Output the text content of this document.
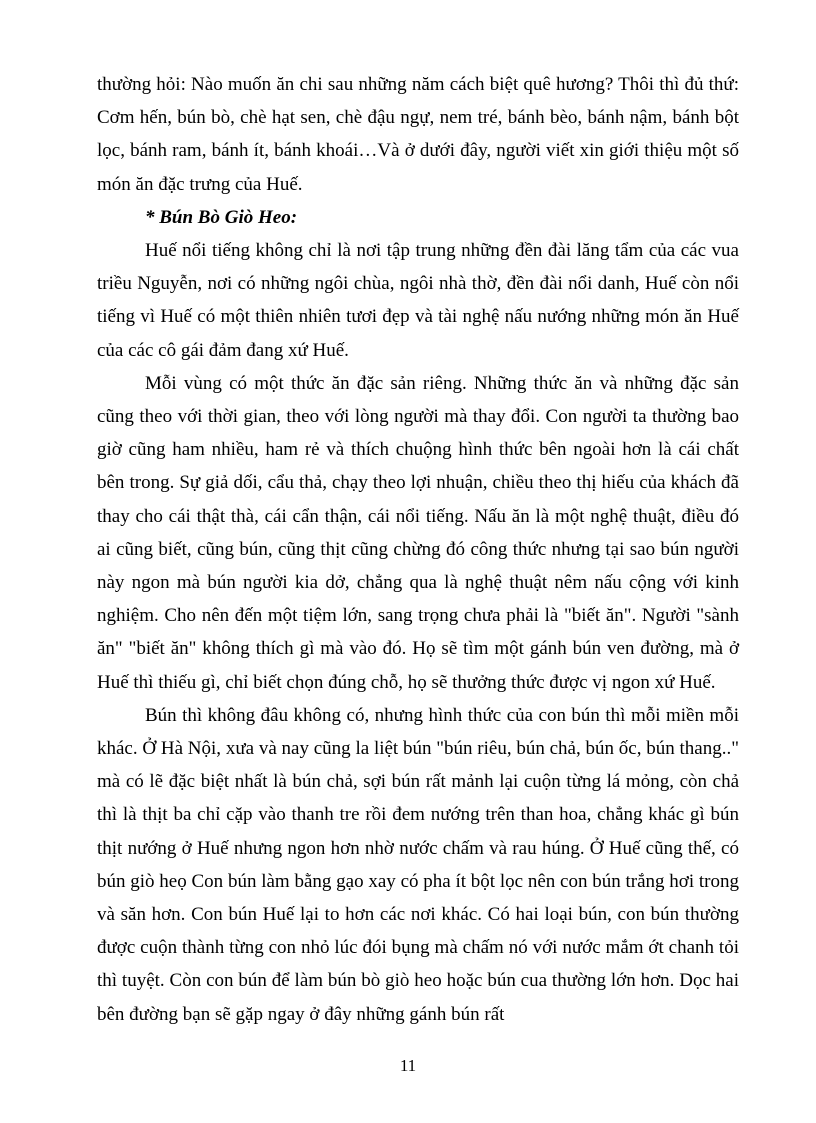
thường hỏi: Nào muốn ăn chi sau những năm cách biệt quê hương? Thôi thì đủ thứ: Cơm hến, bún bò, chè hạt sen, chè đậu ngự, nem tré, bánh bèo, bánh nậm, bánh bột lọc, bánh ram, bánh ít, bánh khoái…Và ở dưới đây, người viết xin giới thiệu một số món ăn đặc trưng của Huế.

* Bún Bò Giò Heo:

Huế nổi tiếng không chỉ là nơi tập trung những đền đài lăng tẩm của các vua triều Nguyễn, nơi có những ngôi chùa, ngôi nhà thờ, đền đài nổi danh, Huế còn nổi tiếng vì Huế có một thiên nhiên tươi đẹp và tài nghệ nấu nướng những món ăn Huế của các cô gái đảm đang xứ Huế.

Mỗi vùng có một thức ăn đặc sản riêng. Những thức ăn và những đặc sản cũng theo với thời gian, theo với lòng người mà thay đổi. Con người ta thường bao giờ cũng ham nhiều, ham rẻ và thích chuộng hình thức bên ngoài hơn là cái chất bên trong. Sự giả dối, cẩu thả, chạy theo lợi nhuận, chiều theo thị hiếu của khách đã thay cho cái thật thà, cái cẩn thận, cái nổi tiếng. Nấu ăn là một nghệ thuật, điều đó ai cũng biết, cũng bún, cũng thịt cũng chừng đó công thức nhưng tại sao bún người này ngon mà bún người kia dở, chẳng qua là nghệ thuật nêm nấu cộng với kinh nghiệm. Cho nên đến một tiệm lớn, sang trọng chưa phải là "biết ăn". Người "sành ăn" "biết ăn" không thích gì mà vào đó. Họ sẽ tìm một gánh bún ven đường, mà ở Huế thì thiếu gì, chỉ biết chọn đúng chỗ, họ sẽ thưởng thức được vị ngon xứ Huế.

Bún thì không đâu không có, nhưng hình thức của con bún thì mỗi miền mỗi khác. Ở Hà Nội, xưa và nay cũng la liệt bún "bún riêu, bún chả, bún ốc, bún thang.." mà có lẽ đặc biệt nhất là bún chả, sợi bún rất mảnh lại cuộn từng lá mỏng, còn chả thì là thịt ba chỉ cặp vào thanh tre rồi đem nướng trên than hoa, chẳng khác gì bún thịt nướng ở Huế nhưng ngon hơn nhờ nước chấm và rau húng. Ở Huế cũng thế, có bún giò heọ Con bún làm bằng gạo xay có pha ít bột lọc nên con bún trắng hơi trong và săn hơn. Con bún Huế lại to hơn các nơi khác. Có hai loại bún, con bún thường được cuộn thành từng con nhỏ lúc đói bụng mà chấm nó với nước mắm ớt chanh tỏi thì tuyệt. Còn con bún để làm bún bò giò heo hoặc bún cua thường lớn hơn. Dọc hai bên đường bạn sẽ gặp ngay ở đây những gánh bún rất

11
